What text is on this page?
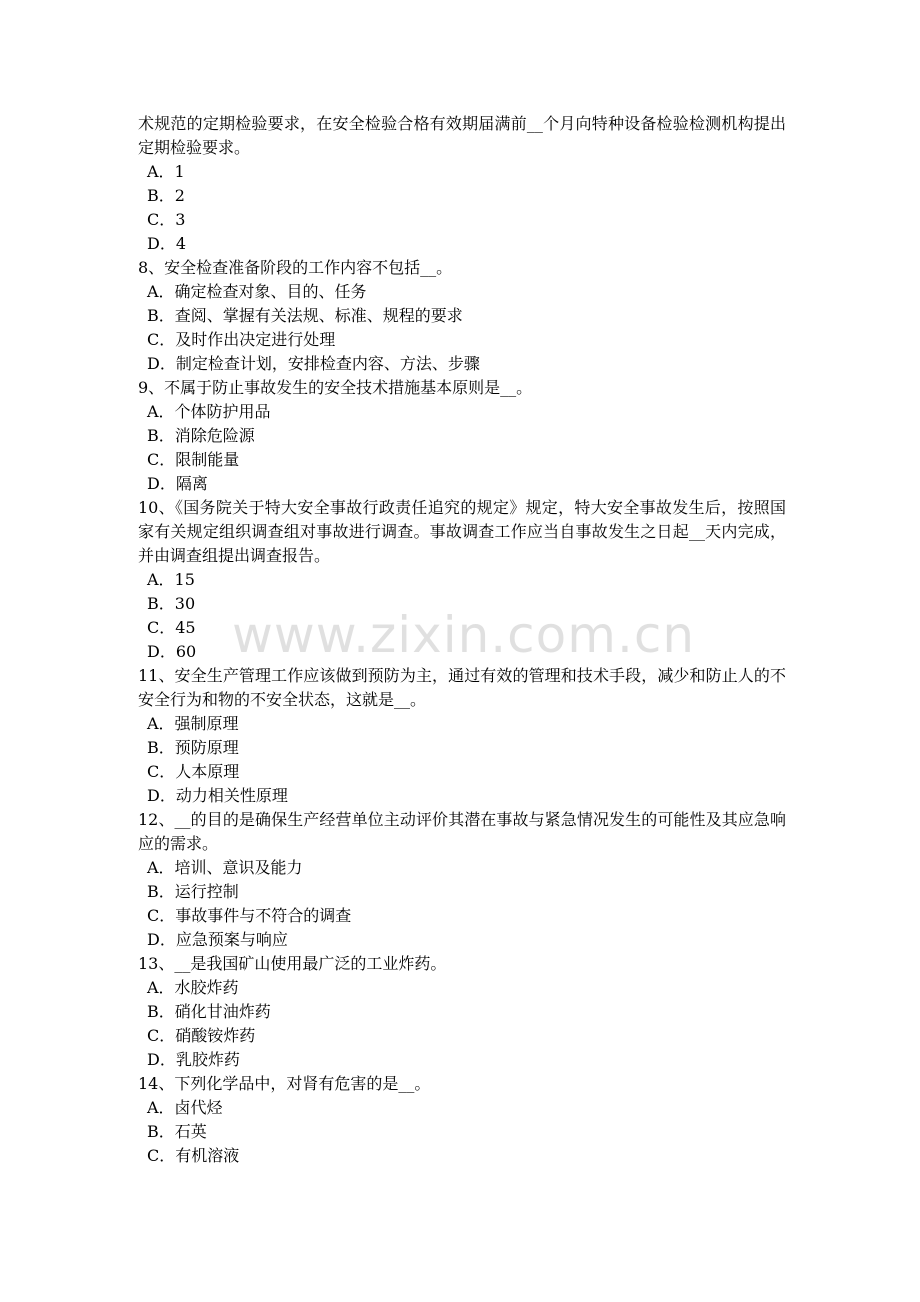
术规范的定期检验要求，在安全检验合格有效期届满前__个月向特种设备检验检测机构提出定期检验要求。
A．1
B．2
C．3
D．4
8、安全检查准备阶段的工作内容不包括__。
A．确定检查对象、目的、任务
B．查阅、掌握有关法规、标准、规程的要求
C．及时作出决定进行处理
D．制定检查计划，安排检查内容、方法、步骤
9、不属于防止事故发生的安全技术措施基本原则是__。
A．个体防护用品
B．消除危险源
C．限制能量
D．隔离
10、《国务院关于特大安全事故行政责任追究的规定》规定，特大安全事故发生后，按照国家有关规定组织调查组对事故进行调查。事故调查工作应当自事故发生之日起__天内完成，并由调查组提出调查报告。
A．15
B．30
C．45
D．60
11、安全生产管理工作应该做到预防为主，通过有效的管理和技术手段，减少和防止人的不安全行为和物的不安全状态，这就是__。
A．强制原理
B．预防原理
C．人本原理
D．动力相关性原理
12、__的目的是确保生产经营单位主动评价其潜在事故与紧急情况发生的可能性及其应急响应的需求。
A．培训、意识及能力
B．运行控制
C．事故事件与不符合的调查
D．应急预案与响应
13、__是我国矿山使用最广泛的工业炸药。
A．水胶炸药
B．硝化甘油炸药
C．硝酸铵炸药
D．乳胶炸药
14、下列化学品中，对肾有危害的是__。
A．卤代烃
B．石英
C．有机溶液
www.zixin.com.cn
